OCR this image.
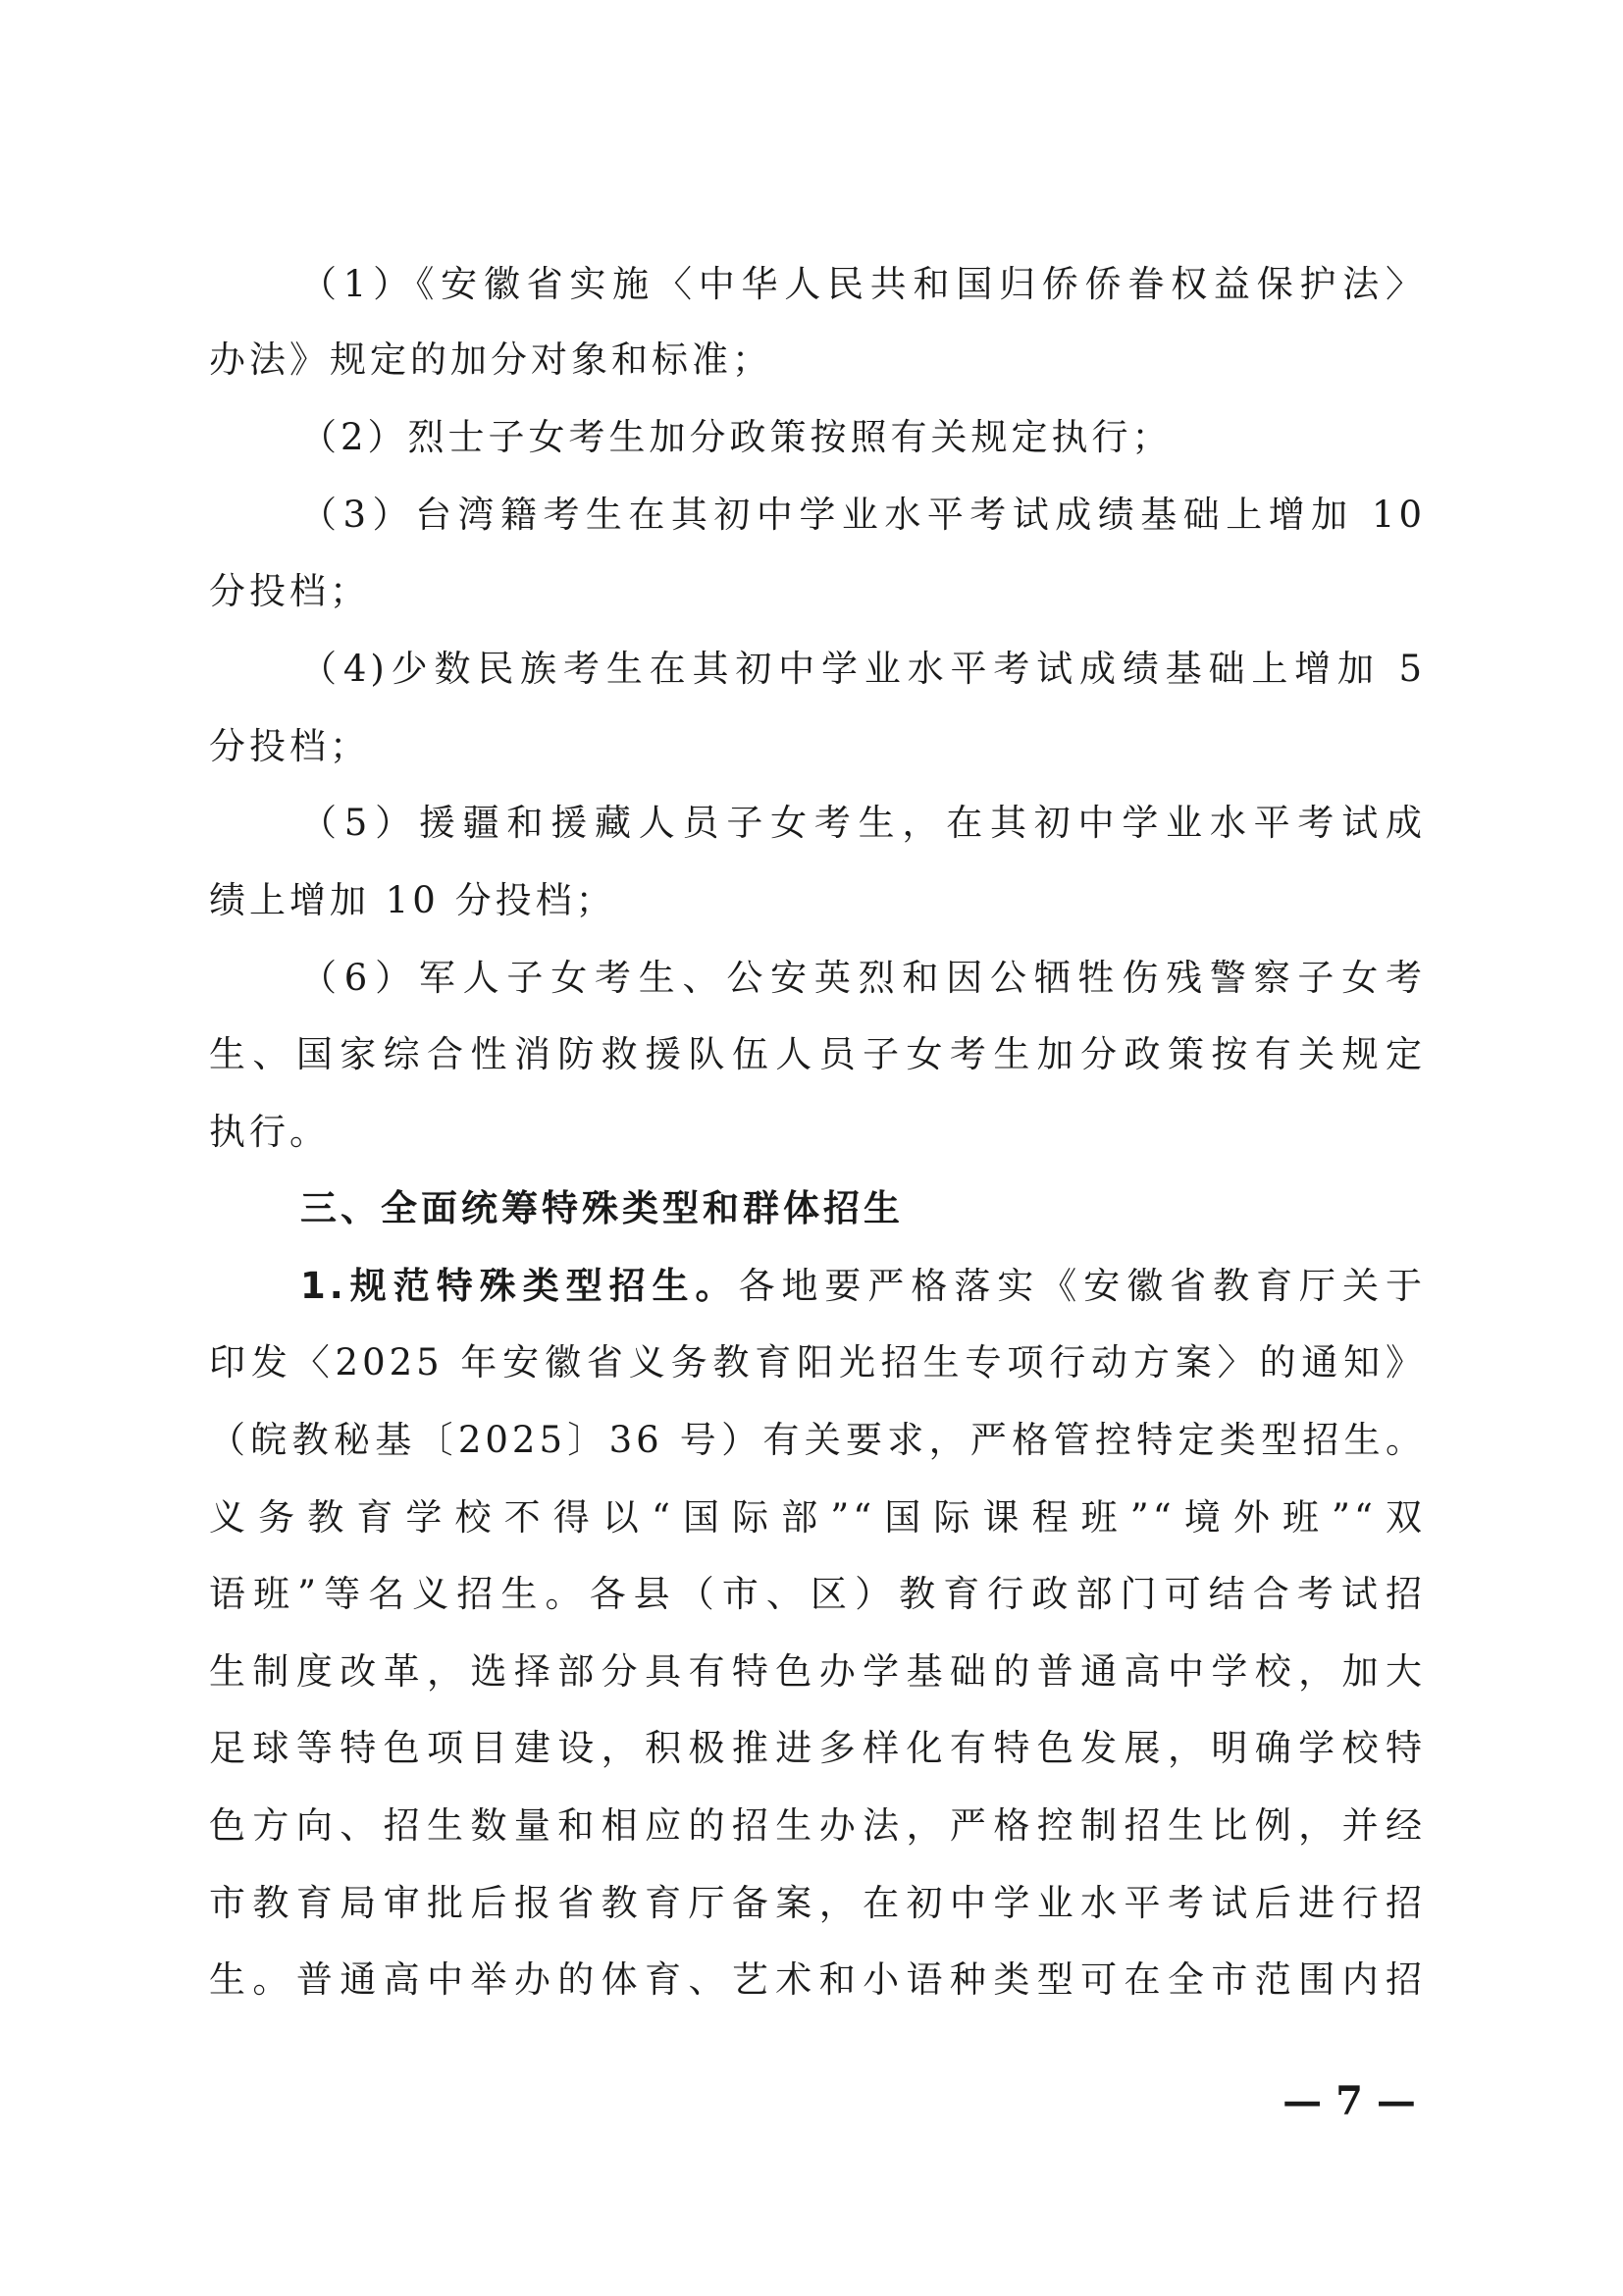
（1）《安徽省实施〈中华人民共和国归侨侨眷权益保护法〉
办法》规定的加分对象和标准；
（2）烈士子女考生加分政策按照有关规定执行；
（3）台湾籍考生在其初中学业水平考试成绩基础上增加 10
分投档；
（4)少数民族考生在其初中学业水平考试成绩基础上增加 5
分投档；
（5）援疆和援藏人员子女考生，在其初中学业水平考试成
绩上增加 10 分投档；
（6）军人子女考生、公安英烈和因公牺牲伤残警察子女考
生、国家综合性消防救援队伍人员子女考生加分政策按有关规定
执行。
三、全面统筹特殊类型和群体招生
1.规范特殊类型招生。各地要严格落实《安徽省教育厅关于
印发〈2025 年安徽省义务教育阳光招生专项行动方案〉的通知》
（皖教秘基〔2025〕36 号）有关要求，严格管控特定类型招生。
义务教育学校不得以“国际部”“国际课程班”“境外班”“双
语班”等名义招生。各县（市、区）教育行政部门可结合考试招
生制度改革，选择部分具有特色办学基础的普通高中学校，加大
足球等特色项目建设，积极推进多样化有特色发展，明确学校特
色方向、招生数量和相应的招生办法，严格控制招生比例，并经
市教育局审批后报省教育厅备案，在初中学业水平考试后进行招
生。普通高中举办的体育、艺术和小语种类型可在全市范围内招
— 7 —
